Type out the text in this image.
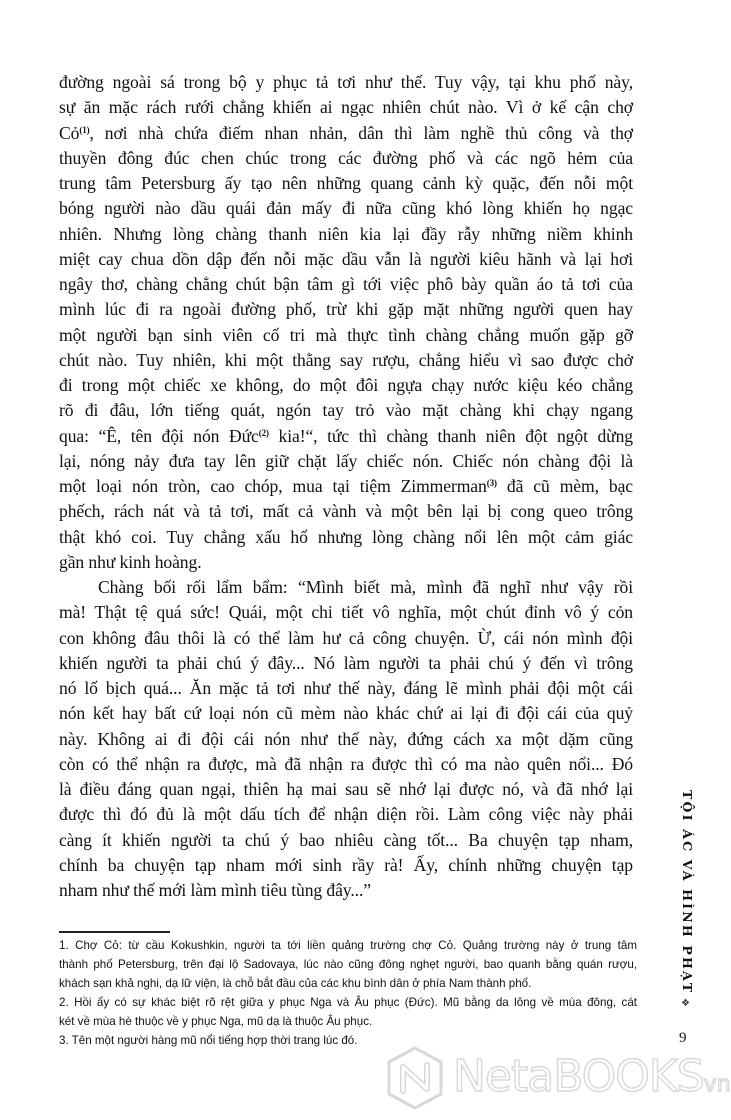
đường ngoài sá trong bộ y phục tả tơi như thế. Tuy vậy, tại khu phố này,
sự ăn mặc rách rưới chẳng khiến ai ngạc nhiên chút nào. Vì ở kế cận chợ
Cỏ$^{(1)}$, nơi nhà chứa điếm nhan nhản, dân thì làm nghề thủ công và thợ
thuyền đông đúc chen chúc trong các đường phố và các ngõ hẻm của
trung tâm Petersburg ấy tạo nên những quang cảnh kỳ quặc, đến nỗi một
bóng người nào dầu quái đản mấy đi nữa cũng khó lòng khiến họ ngạc
nhiên. Nhưng lòng chàng thanh niên kia lại đầy rẫy những niềm khinh
miệt cay chua dồn dập đến nỗi mặc dầu vẫn là người kiêu hãnh và lại hơi
ngây thơ, chàng chẳng chút bận tâm gì tới việc phô bày quần áo tả tơi của
mình lúc đi ra ngoài đường phố, trừ khi gặp mặt những người quen hay
một người bạn sinh viên cố tri mà thực tình chàng chẳng muốn gặp gỡ
chút nào. Tuy nhiên, khi một thằng say rượu, chẳng hiểu vì sao được chở
đi trong một chiếc xe không, do một đôi ngựa chạy nước kiệu kéo chẳng
rõ đi đâu, lớn tiếng quát, ngón tay trỏ vào mặt chàng khi chạy ngang
qua: “Ê, tên đội nón Đức$^{(2)}$ kia!“, tức thì chàng thanh niên đột ngột dừng
lại, nóng nảy đưa tay lên giữ chặt lấy chiếc nón. Chiếc nón chàng đội là
một loại nón tròn, cao chóp, mua tại tiệm Zimmerman$^{(3)}$ đã cũ mèm, bạc
phếch, rách nát và tả tơi, mất cả vành và một bên lại bị cong queo trông
thật khó coi. Tuy chẳng xấu hổ nhưng lòng chàng nổi lên một cảm giác
gần như kinh hoàng.
Chàng bối rối lẩm bẩm: “Mình biết mà, mình đã nghĩ như vậy rồi
mà! Thật tệ quá sức! Quái, một chi tiết vô nghĩa, một chút đỉnh vô ý cỏn
con không đâu thôi là có thể làm hư cả công chuyện. Ừ, cái nón mình đội
khiến người ta phải chú ý đây... Nó làm người ta phải chú ý đến vì trông
nó lố bịch quá... Ăn mặc tả tơi như thế này, đáng lẽ mình phải đội một cái
nón kết hay bất cứ loại nón cũ mèm nào khác chứ ai lại đi đội cái của quỷ
này. Không ai đi đội cái nón như thế này, đứng cách xa một dặm cũng
còn có thể nhận ra được, mà đã nhận ra được thì có ma nào quên nổi... Đó
là điều đáng quan ngại, thiên hạ mai sau sẽ nhớ lại được nó, và đã nhớ lại
được thì đó đủ là một dấu tích để nhận diện rồi. Làm công việc này phải
càng ít khiến người ta chú ý bao nhiêu càng tốt... Ba chuyện tạp nham,
chính ba chuyện tạp nham mới sinh rầy rà! Ấy, chính những chuyện tạp
nham như thế mới làm mình tiêu tùng đây...”
1. Chợ Cỏ: từ cầu Kokushkin, người ta tới liền quảng trường chợ Cỏ. Quảng trường này ở trung tâm
thành phố Petersburg, trên đại lộ Sadovaya, lúc nào cũng đông nghẹt người, bao quanh bằng quán rượu,
khách sạn khả nghi, dạ lữ viện, là chỗ bắt đầu của các khu bình dân ở phía Nam thành phố.
2. Hồi ấy có sự khác biệt rõ rệt giữa y phục Nga và Âu phục (Đức). Mũ bằng da lông về mùa đông, cát
két về mùa hè thuộc về y phục Nga, mũ dạ là thuộc Âu phục.
3. Tên một người hàng mũ nổi tiếng hợp thời trang lúc đó.
TỘI ÁC VÀ HÌNH PHẠT
❖
9
NetaBOOKSvn
